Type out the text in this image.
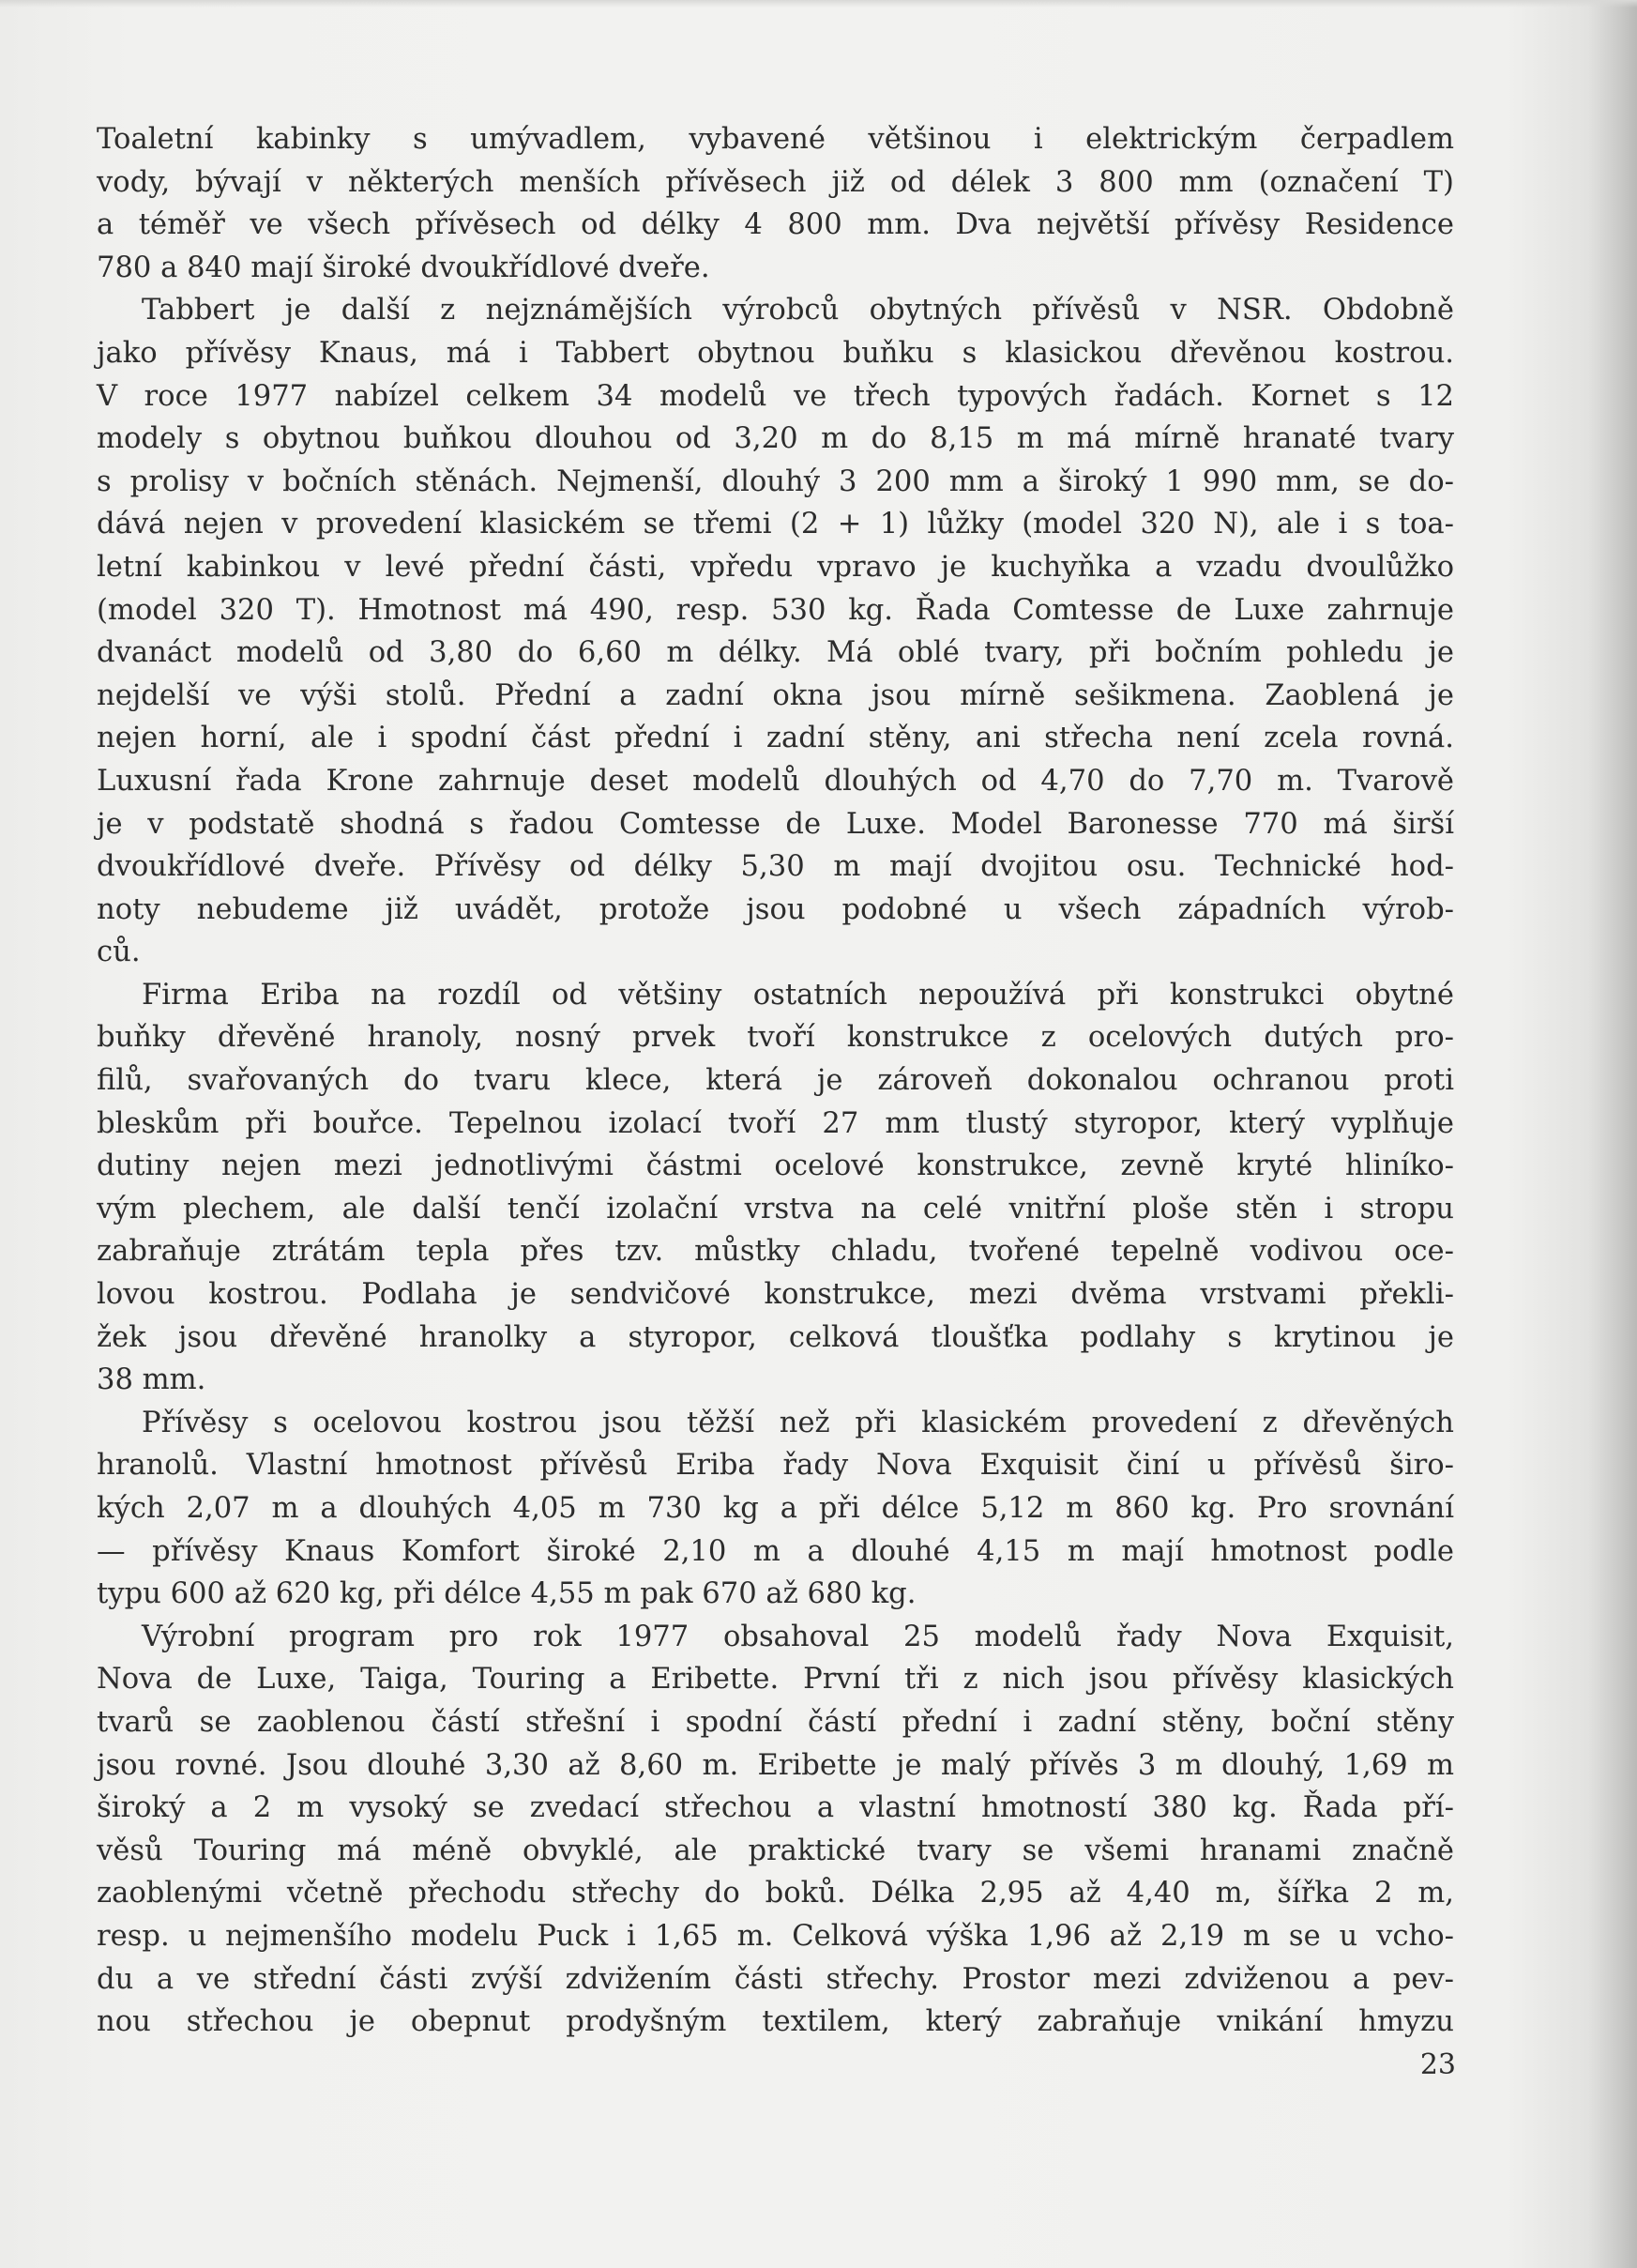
Toaletní kabinky s umývadlem, vybavené většinou i elektrickým čerpadlem
vody, bývají v některých menších přívěsech již od délek 3 800 mm (označení T)
a téměř ve všech přívěsech od délky 4 800 mm. Dva největší přívěsy Residence
780 a 840 mají široké dvoukřídlové dveře.
Tabbert je další z nejznámějších výrobců obytných přívěsů v NSR. Obdobně
jako přívěsy Knaus, má i Tabbert obytnou buňku s klasickou dřevěnou kostrou.
V roce 1977 nabízel celkem 34 modelů ve třech typových řadách. Kornet s 12
modely s obytnou buňkou dlouhou od 3,20 m do 8,15 m má mírně hranaté tvary
s prolisy v bočních stěnách. Nejmenší, dlouhý 3 200 mm a široký 1 990 mm, se do-
dává nejen v provedení klasickém se třemi (2 + 1) lůžky (model 320 N), ale i s toa-
letní kabinkou v levé přední části, vpředu vpravo je kuchyňka a vzadu dvoulůžko
(model 320 T). Hmotnost má 490, resp. 530 kg. Řada Comtesse de Luxe zahrnuje
dvanáct modelů od 3,80 do 6,60 m délky. Má oblé tvary, při bočním pohledu je
nejdelší ve výši stolů. Přední a zadní okna jsou mírně sešikmena. Zaoblená je
nejen horní, ale i spodní část přední i zadní stěny, ani střecha není zcela rovná.
Luxusní řada Krone zahrnuje deset modelů dlouhých od 4,70 do 7,70 m. Tvarově
je v podstatě shodná s řadou Comtesse de Luxe. Model Baronesse 770 má širší
dvoukřídlové dveře. Přívěsy od délky 5,30 m mají dvojitou osu. Technické hod-
noty nebudeme již uvádět, protože jsou podobné u všech západních výrob-
ců.
Firma Eriba na rozdíl od většiny ostatních nepoužívá při konstrukci obytné
buňky dřevěné hranoly, nosný prvek tvoří konstrukce z ocelových dutých pro-
filů, svařovaných do tvaru klece, která je zároveň dokonalou ochranou proti
bleskům při bouřce. Tepelnou izolací tvoří 27 mm tlustý styropor, který vyplňuje
dutiny nejen mezi jednotlivými částmi ocelové konstrukce, zevně kryté hliníko-
vým plechem, ale další tenčí izolační vrstva na celé vnitřní ploše stěn i stropu
zabraňuje ztrátám tepla přes tzv. můstky chladu, tvořené tepelně vodivou oce-
lovou kostrou. Podlaha je sendvičové konstrukce, mezi dvěma vrstvami překli-
žek jsou dřevěné hranolky a styropor, celková tloušťka podlahy s krytinou je
38 mm.
Přívěsy s ocelovou kostrou jsou těžší než při klasickém provedení z dřevěných
hranolů. Vlastní hmotnost přívěsů Eriba řady Nova Exquisit činí u přívěsů širo-
kých 2,07 m a dlouhých 4,05 m 730 kg a při délce 5,12 m 860 kg. Pro srovnání
— přívěsy Knaus Komfort široké 2,10 m a dlouhé 4,15 m mají hmotnost podle
typu 600 až 620 kg, při délce 4,55 m pak 670 až 680 kg.
Výrobní program pro rok 1977 obsahoval 25 modelů řady Nova Exquisit,
Nova de Luxe, Taiga, Touring a Eribette. První tři z nich jsou přívěsy klasických
tvarů se zaoblenou částí střešní i spodní částí přední i zadní stěny, boční stěny
jsou rovné. Jsou dlouhé 3,30 až 8,60 m. Eribette je malý přívěs 3 m dlouhý, 1,69 m
široký a 2 m vysoký se zvedací střechou a vlastní hmotností 380 kg. Řada pří-
věsů Touring má méně obvyklé, ale praktické tvary se všemi hranami značně
zaoblenými včetně přechodu střechy do boků. Délka 2,95 až 4,40 m, šířka 2 m,
resp. u nejmenšího modelu Puck i 1,65 m. Celková výška 1,96 až 2,19 m se u vcho-
du a ve střední části zvýší zdvižením části střechy. Prostor mezi zdviženou a pev-
nou střechou je obepnut prodyšným textilem, který zabraňuje vnikání hmyzu
23
